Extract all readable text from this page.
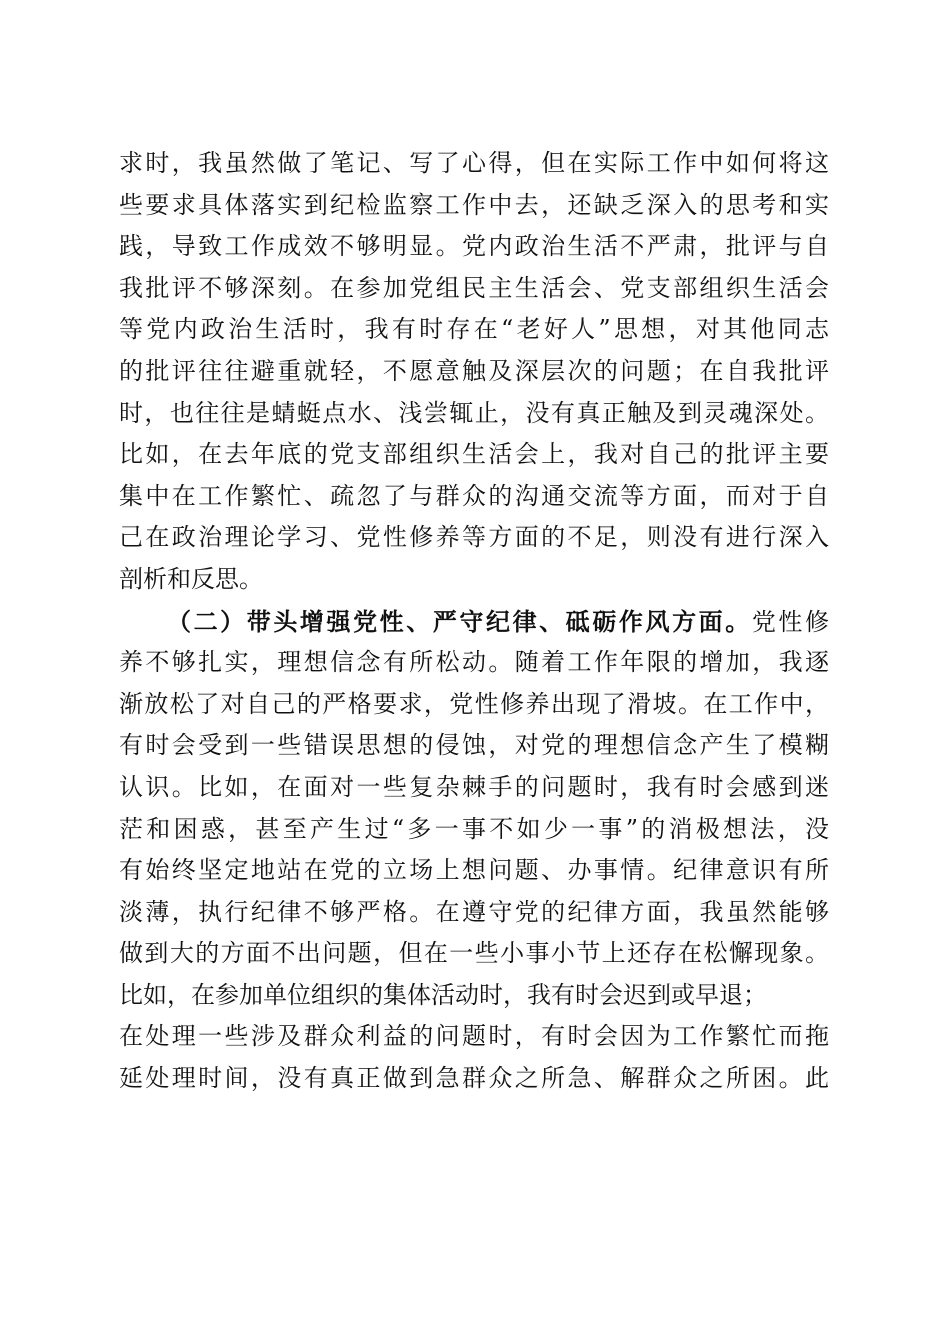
求时，我虽然做了笔记、写了心得，但在实际工作中如何将这
些要求具体落实到纪检监察工作中去，还缺乏深入的思考和实
践，导致工作成效不够明显。党内政治生活不严肃，批评与自
我批评不够深刻。在参加党组民主生活会、党支部组织生活会
等党内政治生活时，我有时存在“老好人”思想，对其他同志
的批评往往避重就轻，不愿意触及深层次的问题；在自我批评
时，也往往是蜻蜓点水、浅尝辄止，没有真正触及到灵魂深处。
比如，在去年底的党支部组织生活会上，我对自己的批评主要
集中在工作繁忙、疏忽了与群众的沟通交流等方面，而对于自
己在政治理论学习、党性修养等方面的不足，则没有进行深入
剖析和反思。
（二）带头增强党性、严守纪律、砥砺作风方面。党性修
养不够扎实，理想信念有所松动。随着工作年限的增加，我逐
渐放松了对自己的严格要求，党性修养出现了滑坡。在工作中，
有时会受到一些错误思想的侵蚀，对党的理想信念产生了模糊
认识。比如，在面对一些复杂棘手的问题时，我有时会感到迷
茫和困惑，甚至产生过“多一事不如少一事”的消极想法，没
有始终坚定地站在党的立场上想问题、办事情。纪律意识有所
淡薄，执行纪律不够严格。在遵守党的纪律方面，我虽然能够
做到大的方面不出问题，但在一些小事小节上还存在松懈现象。
比如，在参加单位组织的集体活动时，我有时会迟到或早退；
在处理一些涉及群众利益的问题时，有时会因为工作繁忙而拖
延处理时间，没有真正做到急群众之所急、解群众之所困。此
